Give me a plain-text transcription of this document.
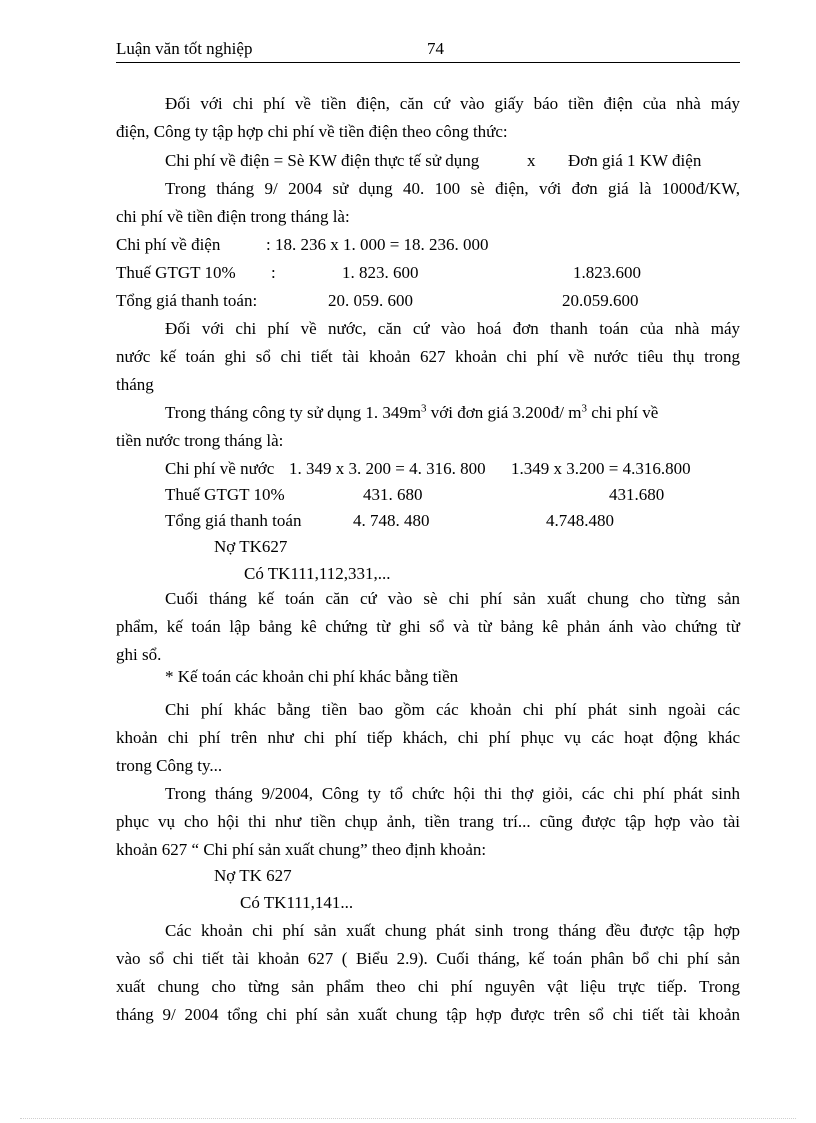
Luận văn tốt nghiệp	74
Đối với chi phí về tiền điện, căn cứ vào giấy báo tiền điện của nhà máy
điện, Công ty tập hợp chi phí về tiền điện theo công thức:
Chi phí về điện = Sè KW điện thực tế sử dụng	x Đơn giá 1 KW điện
Trong tháng 9/ 2004 sử dụng 40. 100 sè điện, với đơn giá là 1000đ/KW,
chi phí về tiền điện trong tháng là:
Chi phí về điện	: 18. 236 x 1. 000 = 18. 236. 000
Thuế GTGT 10% :	1. 823. 600	1.823.600
Tổng giá thanh toán:	20. 059. 600	20.059.600
Đối với chi phí về nước, căn cứ vào hoá đơn thanh toán của nhà máy
nước kế toán ghi sổ chi tiết tài khoản 627 khoản chi phí về nước tiêu thụ trong
tháng
Trong tháng công ty sử dụng 1. $349m^3$ với đơn giá 3.200đ/ $m^3$ chi phí về
tiền nước trong tháng là:
Chi phí về nước 1. 349 x 3. 200 = 4. 316. 800 1.349 x 3.200 = 4.316.800
Thuế GTGT 10%	431. 680	431.680
Tổng giá thanh toán	4. 748. 480	4.748.480
Nợ TK627
Có TK111,112,331,...
Cuối tháng kế toán căn cứ vào sè chi phí sản xuất chung cho từng sản
phẩm, kế toán lập bảng kê chứng từ ghi sổ và từ bảng kê phản ánh vào chứng từ
ghi sổ.
* Kế toán các khoản chi phí khác bằng tiền
Chi phí khác bằng tiền bao gồm các khoản chi phí phát sinh ngoài các
khoản chi phí trên như chi phí tiếp khách, chi phí phục vụ các hoạt động khác
trong Công ty...
Trong tháng 9/2004, Công ty tổ chức hội thi thợ giỏi, các chi phí phát sinh
phục vụ cho hội thi như tiền chụp ảnh, tiền trang trí... cũng được tập hợp vào tài
khoản 627 “ Chi phí sản xuất chung” theo định khoản:
Nợ TK 627
Có TK111,141...
Các khoản chi phí sản xuất chung phát sinh trong tháng đều được tập hợp
vào sổ chi tiết tài khoản 627 ( Biểu 2.9). Cuối tháng, kế toán phân bổ chi phí sản
xuất chung cho từng sản phẩm theo chi phí nguyên vật liệu trực tiếp. Trong
tháng 9/ 2004 tổng chi phí sản xuất chung tập hợp được trên sổ chi tiết tài khoản
